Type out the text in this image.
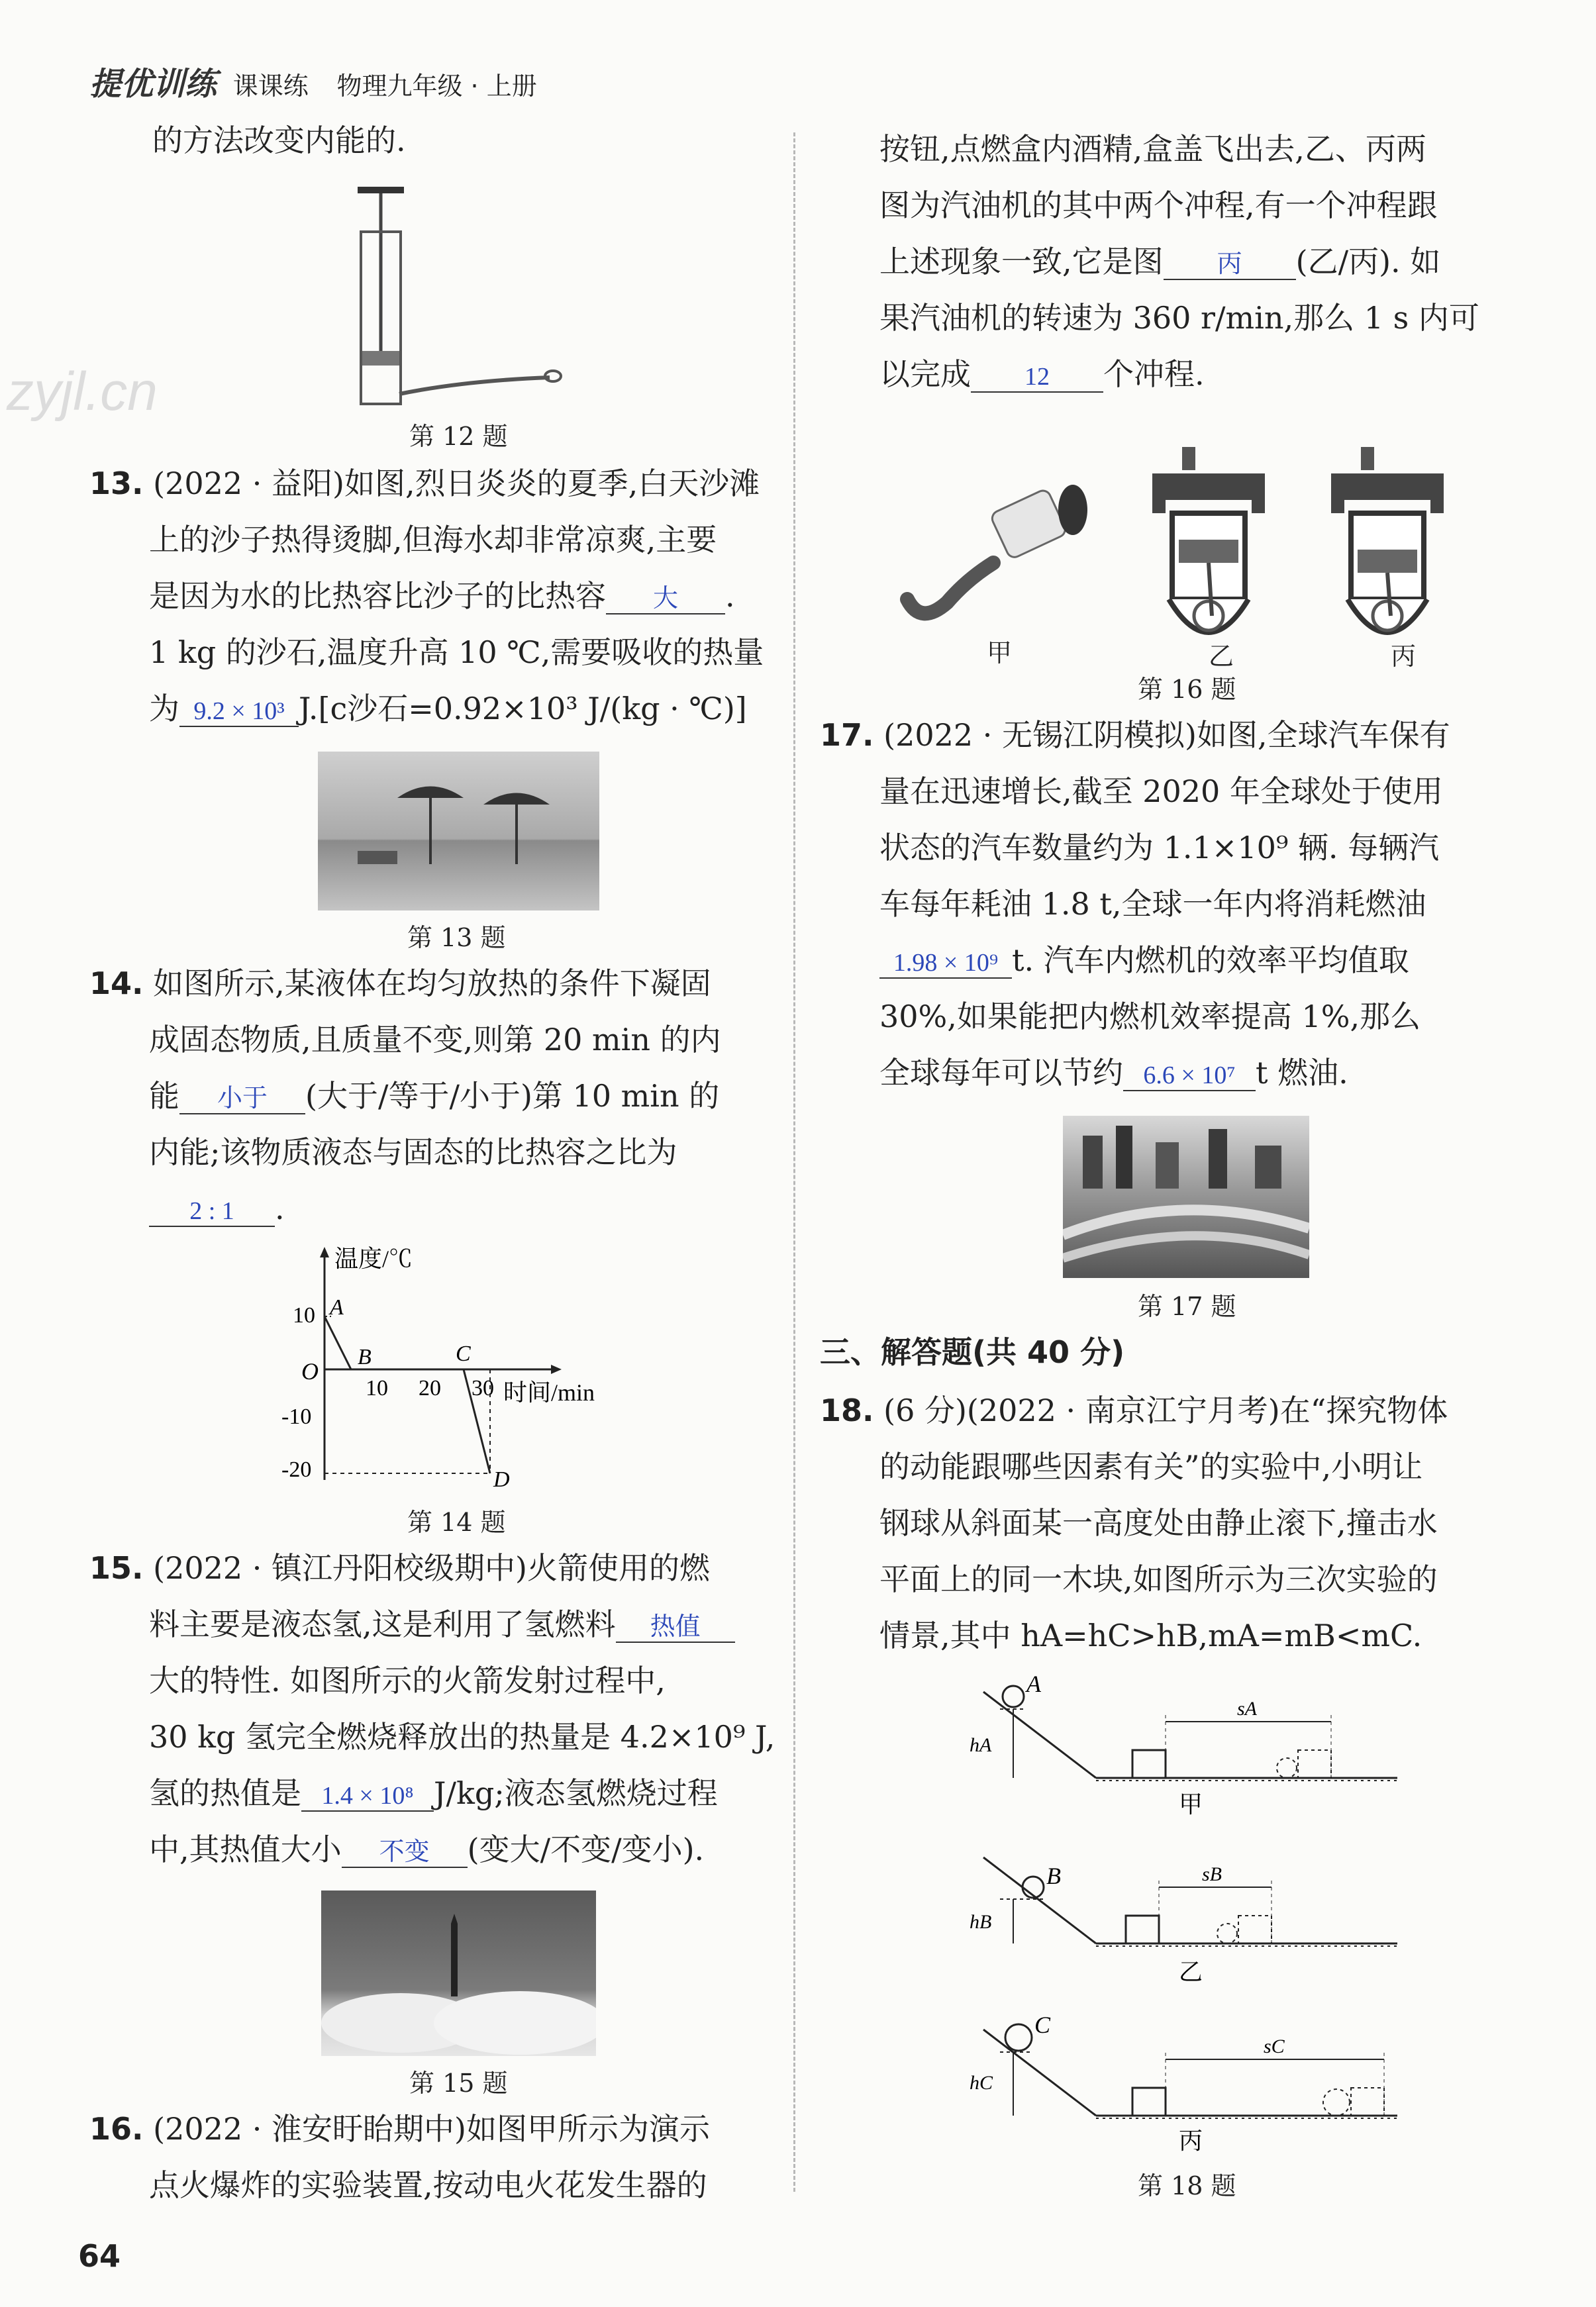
提优训练 课课练 物理九年级 · 上册
zyjl.cn
的方法改变内能的.
第 12 题
13. (2022 · 益阳)如图,烈日炎炎的夏季,白天沙滩
上的沙子热得烫脚,但海水却非常凉爽,主要
是因为水的比热容比沙子的比热容 大 .
1 kg 的沙石,温度升高 10 ℃,需要吸收的热量
为 9.2 × 10³ J.[c沙石=0.92×10³ J/(kg · ℃)]
第 13 题
14. 如图所示,某液体在均匀放热的条件下凝固
成固态物质,且质量不变,则第 20 min 的内
能 小于 (大于/等于/小于)第 10 min 的
内能;该物质液态与固态的比热容之比为
2 : 1 .
温度/℃
时间/min
O
10
-10
-20
10 20 30
A
B	C
D
第 14 题
15. (2022 · 镇江丹阳校级期中)火箭使用的燃
料主要是液态氢,这是利用了氢燃料 热值
大的特性. 如图所示的火箭发射过程中,
30 kg 氢完全燃烧释放出的热量是 4.2×10⁹ J,
氢的热值是 1.4 × 10⁸ J/kg;液态氢燃烧过程
中,其热值大小 不变 (变大/不变/变小).
第 15 题
16. (2022 · 淮安盱眙期中)如图甲所示为演示
点火爆炸的实验装置,按动电火花发生器的
64
按钮,点燃盒内酒精,盒盖飞出去,乙、丙两
图为汽油机的其中两个冲程,有一个冲程跟
上述现象一致,它是图 丙 (乙/丙). 如
果汽油机的转速为 360 r/min,那么 1 s 内可
以完成 12 个冲程.
甲	乙	丙
第 16 题
17. (2022 · 无锡江阴模拟)如图,全球汽车保有
量在迅速增长,截至 2020 年全球处于使用
状态的汽车数量约为 1.1×10⁹ 辆. 每辆汽
车每年耗油 1.8 t,全球一年内将消耗燃油
1.98 × 10⁹ t. 汽车内燃机的效率平均值取
30%,如果能把内燃机效率提高 1%,那么
全球每年可以节约 6.6 × 10⁷ t 燃油.
第 17 题
三、解答题(共 40 分)
18. (6 分)(2022 · 南京江宁月考)在“探究物体
的动能跟哪些因素有关”的实验中,小明让
钢球从斜面某一高度处由静止滚下,撞击水
平面上的同一木块,如图所示为三次实验的
情景,其中 hA=hC>hB,mA=mB<mC.
A
hA
sA
甲
B
hB
sB
乙
C
hC
sC
丙
第 18 题
